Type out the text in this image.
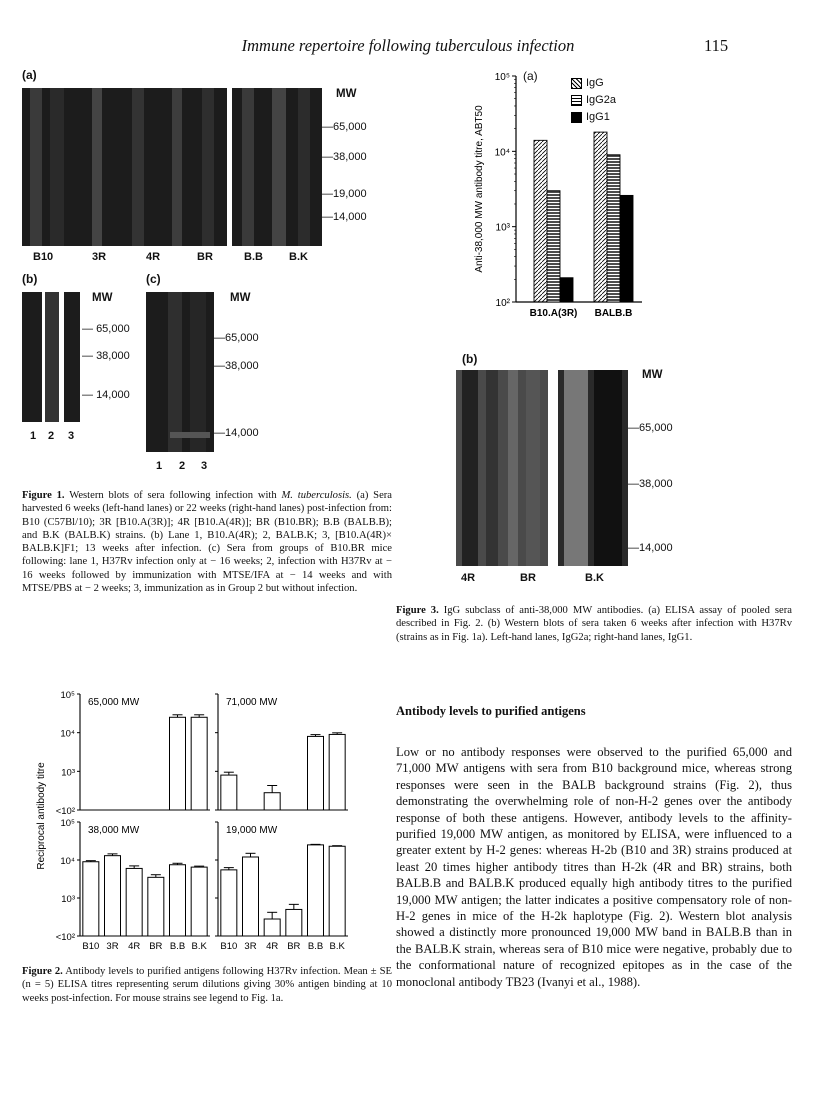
Immune repertoire following tuberculous infection	115
(a)
MW
—65,000
—38,000
—19,000
—14,000
B10	3R	4R	BR	B.B B.K
(b)
MW
— 65,000
— 38,000
— 14,000
1 2 3
(c)
MW
—65,000
—38,000
—14,000
1 2 3
Figure 1. Western blots of sera following infection with M. tuberculosis. (a) Sera harvested 6 weeks (left-hand lanes) or 22 weeks (right-hand lanes) post-infection from: B10 (C57Bl/10); 3R [B10.A(3R)]; 4R [B10.A(4R)]; BR (B10.BR); B.B (BALB.B); and B.K (BALB.K) strains. (b) Lane 1, B10.A(4R); 2, BALB.K; 3, [B10.A(4R)× BALB.K]F1; 13 weeks after infection. (c) Sera from groups of B10.BR mice following: lane 1, H37Rv infection only at − 16 weeks; 2, infection with H37Rv at − 16 weeks followed by immunization with MTSE/IFA at − 14 weeks and with MTSE/PBS at − 2 weeks; 3, immunization as in Group 2 but without infection.
10²
10³
10⁴
10⁵
Anti-38,000 MW antibody titre, ABT50
B10.A(3R) BALB.B
(a)	IgG
IgG2a
IgG1
(b)
MW
—65,000
—38,000
—14,000
4R	BR	B.K
Figure 3. IgG subclass of anti-38,000 MW antibodies. (a) ELISA assay of pooled sera described in Fig. 2. (b) Western blots of sera taken 6 weeks after infection with H37Rv (strains as in Fig. 1a). Left-hand lanes, IgG2a; right-hand lanes, IgG1.
Reciprocal antibody titre <10²
10³
10⁴
10⁵
65,000 MW	71,000 MW
<10²
10³
10⁴
10⁵
38,000 MW
B10 3R 4R BR B.B B.K
19,000 MW
B10 3R 4R BR B.B B.K
Figure 2. Antibody levels to purified antigens following H37Rv infection. Mean ± SE (n = 5) ELISA titres representing serum dilutions giving 30% antigen binding at 10 weeks post-infection. For mouse strains see legend to Fig. 1a.
Antibody levels to purified antigens
Low or no antibody responses were observed to the purified 65,000 and 71,000 MW antigens with sera from B10 background mice, whereas strong responses were seen in the BALB background strains (Fig. 2), thus demonstrating the overwhelming role of non-H-2 genes over the antibody response of both these antigens. However, antibody levels to the affinity-purified 19,000 MW antigen, as monitored by ELISA, were influenced to a greater extent by H-2 genes: whereas H-2b (B10 and 3R) strains produced at least 20 times higher antibody titres than H-2k (4R and BR) strains, both BALB.B and BALB.K produced equally high antibody titres to the purified 19,000 MW antigen; the latter indicates a positive compensatory role of non-H-2 genes in mice of the H-2k haplotype (Fig. 2). Western blot analysis showed a distinctly more pronounced 19,000 MW band in BALB.B than in the BALB.K strain, whereas sera of B10 mice were negative, probably due to the conformational nature of recognized epitopes as in the case of the monoclonal antibody TB23 (Ivanyi et al., 1988).
